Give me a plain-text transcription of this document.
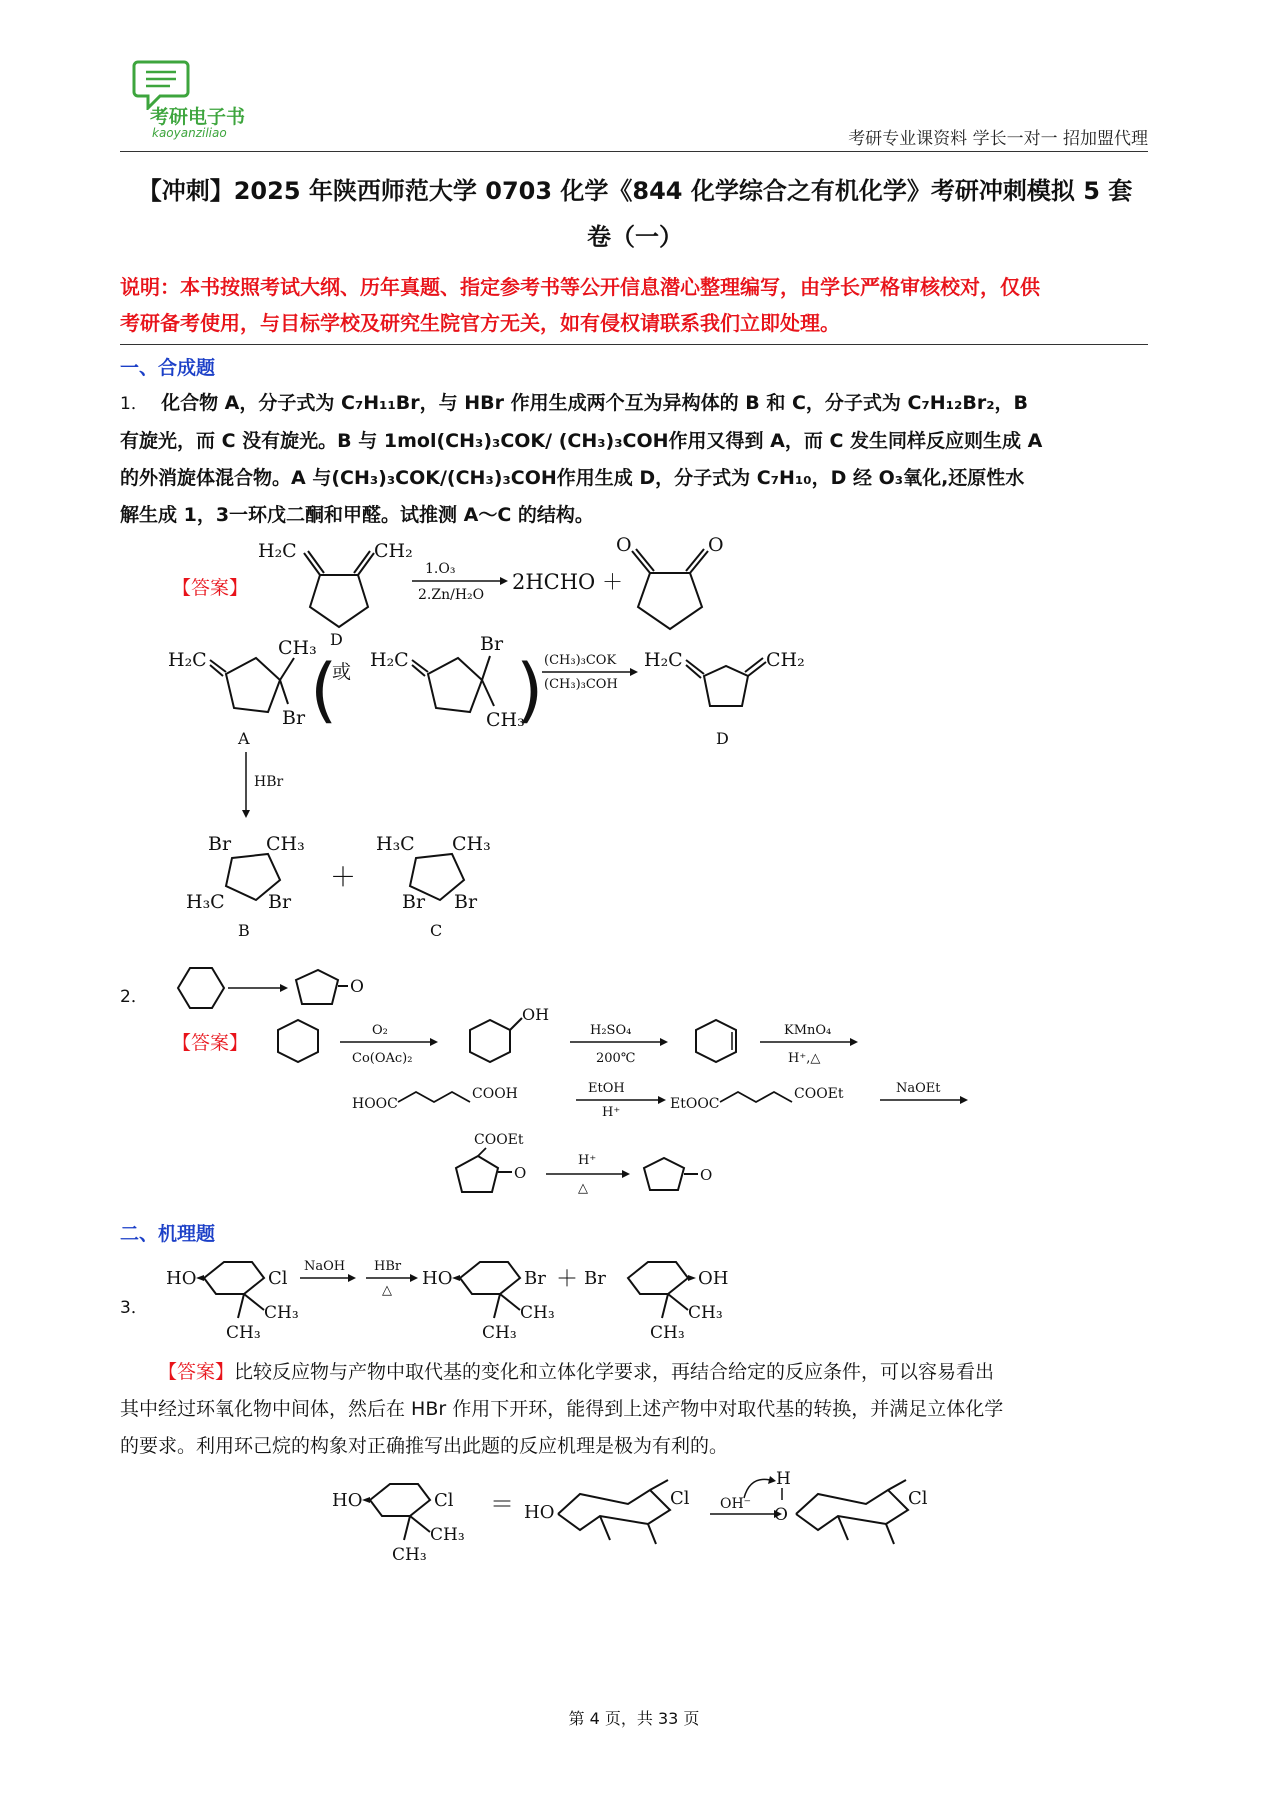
考研电子书
kaoyanziliao	考研专业课资料 学长一对一 招加盟代理
【冲刺】2025 年陕西师范大学 0703 化学《844 化学综合之有机化学》考研冲刺模拟 5 套
卷（一）
说明：本书按照考试大纲、历年真题、指定参考书等公开信息潜心整理编写，由学长严格审核校对，仅供
考研备考使用，与目标学校及研究生院官方无关，如有侵权请联系我们立即处理。
一、合成题
1． 化合物 A，分子式为 C₇H₁₁Br，与 HBr 作用生成两个互为异构体的 B 和 C，分子式为 C₇H₁₂Br₂，B
有旋光，而 C 没有旋光。B 与 1mol(CH₃)₃COK/ (CH₃)₃COH作用又得到 A，而 C 发生同样反应则生成 A
的外消旋体混合物。A 与(CH₃)₃COK/(CH₃)₃COH作用生成 D，分子式为 C₇H₁₀，D 经 O₃氧化,还原性水
解生成 1，3一环戊二酮和甲醛。试推测 A～C 的结构。
【答案】
H₂C	CH₂
D
1.O₃
2.Zn/H₂O
2HCHO ＋
O	O
H₂C
CH₃
Br (
或
H₂C
Br
CH₃
) (CH₃)₃COK
(CH₃)₃COH
H₂C	CH₂
A	D
HBr
Br CH₃
H₃C Br
B
＋
H₃C CH₃
Br Br
C
2．	O
【答案】
O₂
Co(OAc)₂
OH
H₂SO₄
200℃
KMnO₄
H⁺,△
HOOC
COOH	EtOH
H⁺
EtOOC
COOEt	NaOEt
COOEt
O
H⁺
△
O
二、机理题
3．
HO	Cl
CH₃
CH₃
NaOH HBr
△
HO	Br
CH₃
CH₃
＋ Br	OH
CH₃
CH₃
【答案】比较反应物与产物中取代基的变化和立体化学要求，再结合给定的反应条件，可以容易看出
其中经过环氧化物中间体，然后在 HBr 作用下开环，能得到上述产物中对取代基的转换，并满足立体化学
的要求。利用环己烷的构象对正确推写出此题的反应机理是极为有利的。
HO	Cl
CH₃
CH₃
＝ HO
Cl OH⁻
H
O
Cl
第 4 页，共 33 页
